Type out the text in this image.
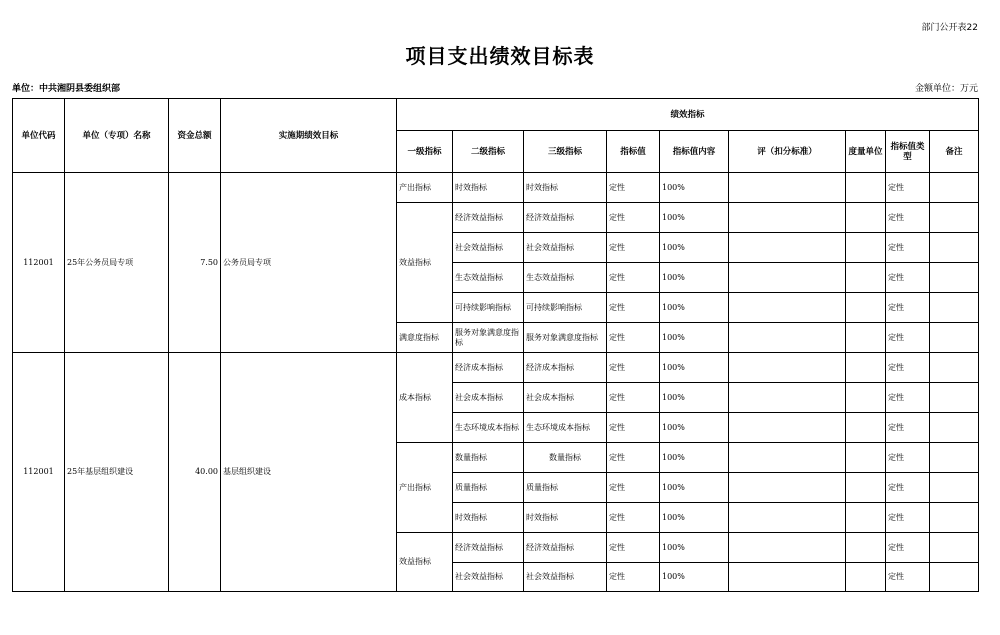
部门公开表22
项目支出绩效目标表
单位：中共湘阴县委组织部	金额单位：万元
单位代码	单位（专项）名称	资金总额	实施期绩效目标	绩效指标								
				一级指标	二级指标	三级指标	指标值	指标值内容	评（扣分标准）	度量单位	指标值类型	备注
112001	25年公务员局专项	7.50	公务员局专项	产出指标	时效指标	时效指标	定性	100%			定性	
				效益指标	经济效益指标	经济效益指标	定性	100%			定性	
					社会效益指标	社会效益指标	定性	100%			定性	
					生态效益指标	生态效益指标	定性	100%			定性	
					可持续影响指标	可持续影响指标	定性	100%			定性	
				满意度指标	服务对象满意度指标	服务对象满意度指标	定性	100%			定性	
112001	25年基层组织建设	40.00	基层组织建设	成本指标	经济成本指标	经济成本指标	定性	100%			定性	
					社会成本指标	社会成本指标	定性	100%			定性	
					生态环境成本指标	生态环境成本指标	定性	100%			定性	
				产出指标	数量指标	数量指标	定性	100%			定性	
					质量指标	质量指标	定性	100%			定性	
					时效指标	时效指标	定性	100%			定性	
				效益指标	经济效益指标	经济效益指标	定性	100%			定性	
					社会效益指标	社会效益指标	定性	100%			定性	
